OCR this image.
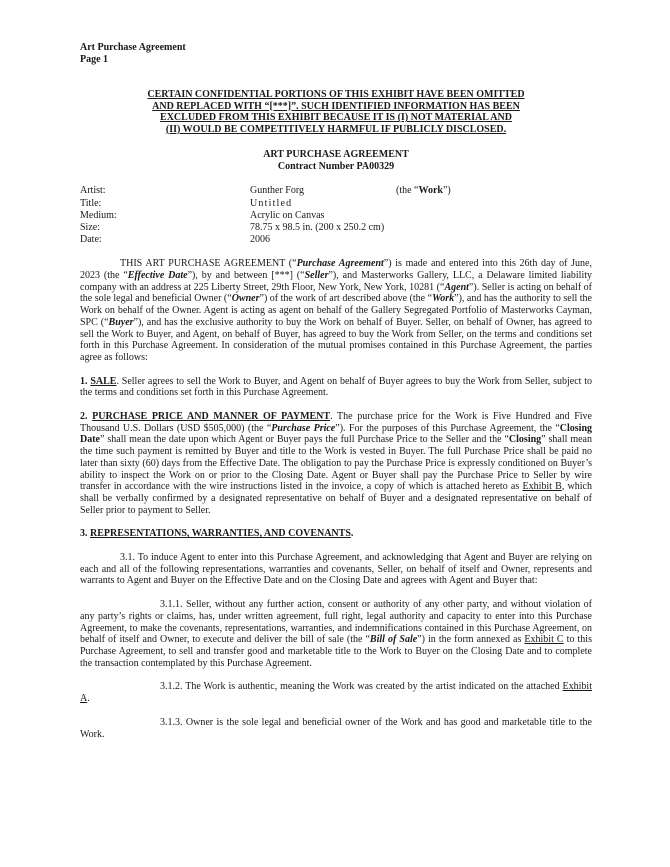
Art Purchase Agreement
Page 1
CERTAIN CONFIDENTIAL PORTIONS OF THIS EXHIBIT HAVE BEEN OMITTED
AND REPLACED WITH “[***]”. SUCH IDENTIFIED INFORMATION HAS BEEN
EXCLUDED FROM THIS EXHIBIT BECAUSE IT IS (I) NOT MATERIAL AND
(II) WOULD BE COMPETITIVELY HARMFUL IF PUBLICLY DISCLOSED.
ART PURCHASE AGREEMENT
Contract Number PA00329
Artist:	Gunther Forg	(the “Work”)
Title:	Untitled
Medium:	Acrylic on Canvas
Size:	78.75 x 98.5 in. (200 x 250.2 cm)
Date:	2006

THIS ART PURCHASE AGREEMENT (“Purchase Agreement”) is made and entered into this 26th day of June, 2023 (the “Effective Date”), by and between [***] (“Seller”), and Masterworks Gallery, LLC, a Delaware limited liability company with an address at 225 Liberty Street, 29th Floor, New York, New York, 10281 (“Agent”). Seller is acting on behalf of the sole legal and beneficial Owner (“Owner”) of the work of art described above (the “Work”), and has the authority to sell the Work on behalf of the Owner. Agent is acting as agent on behalf of the Gallery Segregated Portfolio of Masterworks Cayman, SPC (“Buyer”), and has the exclusive authority to buy the Work on behalf of Buyer. Seller, on behalf of Owner, has agreed to sell the Work to Buyer, and Agent, on behalf of Buyer, has agreed to buy the Work from Seller, on the terms and conditions set forth in this Purchase Agreement. In consideration of the mutual promises contained in this Purchase Agreement, the parties agree as follows:

1. SALE. Seller agrees to sell the Work to Buyer, and Agent on behalf of Buyer agrees to buy the Work from Seller, subject to the terms and conditions set forth in this Purchase Agreement.

2. PURCHASE PRICE AND MANNER OF PAYMENT. The purchase price for the Work is Five Hundred and Five Thousand U.S. Dollars (USD $505,000) (the “Purchase Price”). For the purposes of this Purchase Agreement, the “Closing Date” shall mean the date upon which Agent or Buyer pays the full Purchase Price to the Seller and the “Closing” shall mean the time such payment is remitted by Buyer and title to the Work is vested in Buyer. The full Purchase Price shall be paid no later than sixty (60) days from the Effective Date. The obligation to pay the Purchase Price is expressly conditioned on Buyer’s ability to inspect the Work on or prior to the Closing Date. Agent or Buyer shall pay the Purchase Price to Seller by wire transfer in accordance with the wire instructions listed in the invoice, a copy of which is attached hereto as Exhibit B, which shall be verbally confirmed by a designated representative on behalf of Buyer and a designated representative on behalf of Seller prior to payment to Seller.

3. REPRESENTATIONS, WARRANTIES, AND COVENANTS.

3.1. To induce Agent to enter into this Purchase Agreement, and acknowledging that Agent and Buyer are relying on each and all of the following representations, warranties and covenants, Seller, on behalf of itself and Owner, represents and warrants to Agent and Buyer on the Effective Date and on the Closing Date and agrees with Agent and Buyer that:

3.1.1. Seller, without any further action, consent or authority of any other party, and without violation of any party’s rights or claims, has, under written agreement, full right, legal authority and capacity to enter into this Purchase Agreement, to make the covenants, representations, warranties, and indemnifications contained in this Purchase Agreement, on behalf of itself and Owner, to execute and deliver the bill of sale (the “Bill of Sale”) in the form annexed as Exhibit C to this Purchase Agreement, to sell and transfer good and marketable title to the Work to Buyer on the Closing Date and to complete the transaction contemplated by this Purchase Agreement.

3.1.2. The Work is authentic, meaning the Work was created by the artist indicated on the attached Exhibit A.

3.1.3. Owner is the sole legal and beneficial owner of the Work and has good and marketable title to the Work.
